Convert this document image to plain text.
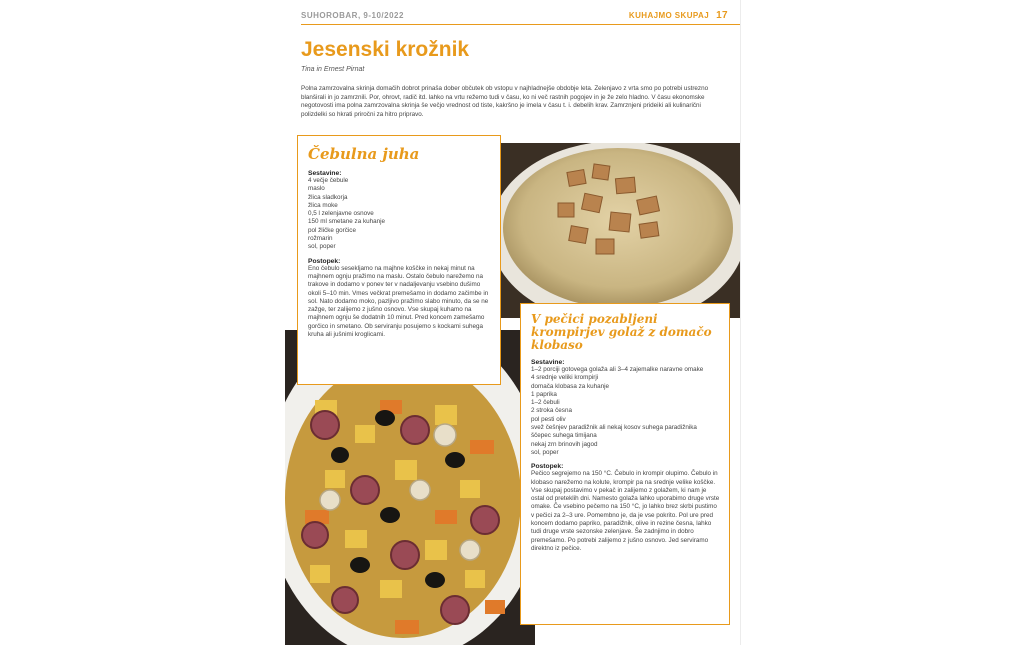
SUHOROBAR, 9-10/2022	KUHAJMO SKUPAJ 17
Jesenski krožnik
Tina in Ernest Pirnat

Polna zamrzovalna skrinja domačih dobrot prinaša dober občutek ob vstopu v najhladnejše obdobje leta. Zelenjavo z vrta smo po potrebi ustrezno blanširali in jo zamrznili. Por, ohrovt, radič itd. lahko na vrtu režemo tudi v času, ko ni več rastnih pogojev in je že zelo hladno. V času ekonomske negotovosti ima polna zamrzovalna skrinja še večjo vrednost od tiste, kakršno je imela v času t. i. debelih krav. Zamrznjeni prideiki ali kulinarični polizdelki so hkrati priročni za hitro pripravo.

Čebulna juha
Sestavine:
4 večje čebule
maslo
žlica sladkorja
žlica moke
0,5 l zelenjavne osnove
150 ml smetane za kuhanje
pol žličke gorčice
rožmarin
sol, poper
Postopek:

Eno čebulo sesekljamo na majhne koščke in nekaj minut na majhnem ognju pražimo na maslu. Ostalo čebulo narežemo na trakove in dodamo v ponev ter v nadaljevanju vsebino dušimo okoli 5–10 min. Vmes večkrat premešamo in dodamo začimbe in sol. Nato dodamo moko, pazljivo pražimo slabo minuto, da se ne zažge, ter zalijemo z jušno osnovo. Vse skupaj kuhamo na majhnem ognju še dodatnih 10 minut. Pred koncem zamešamo gorčico in smetano. Ob serviranju posujemo s kockami suhega kruha ali jušnimi kroglicami.

V pečici pozabljeni krompirjev golaž z domačo klobaso
Sestavine:
1–2 porciji gotovega golaža ali 3–4 zajemalke naravne omake
4 srednje veliki krompirji
domača klobasa za kuhanje
1 paprika
1–2 čebuli
2 stroka česna
pol pesti oliv
svež češnjev paradižnik ali nekaj kosov suhega paradižnika
ščepec suhega timijana
nekaj zrn brinovih jagod
sol, poper
Postopek:

Pečico segrejemo na 150 °C. Čebulo in krompir olupimo. Čebulo in klobaso narežemo na kolute, krompir pa na srednje velike koščke. Vse skupaj postavimo v pekač in zalijemo z golažem, ki nam je ostal od preteklih dni. Namesto golaža lahko uporabimo druge vrste omake. Če vsebino pečemo na 150 °C, jo lahko brez skrbi pustimo v pečici za 2–3 ure. Pomembno je, da je vse pokrito. Pol ure pred koncem dodamo papriko, paradižnik, olive in rezine česna, lahko tudi druge vrste sezonske zelenjave. Še zadnjimo in dobro premešamo. Po potrebi zalijemo z jušno osnovo. Jed serviramo direktno iz pečice.
